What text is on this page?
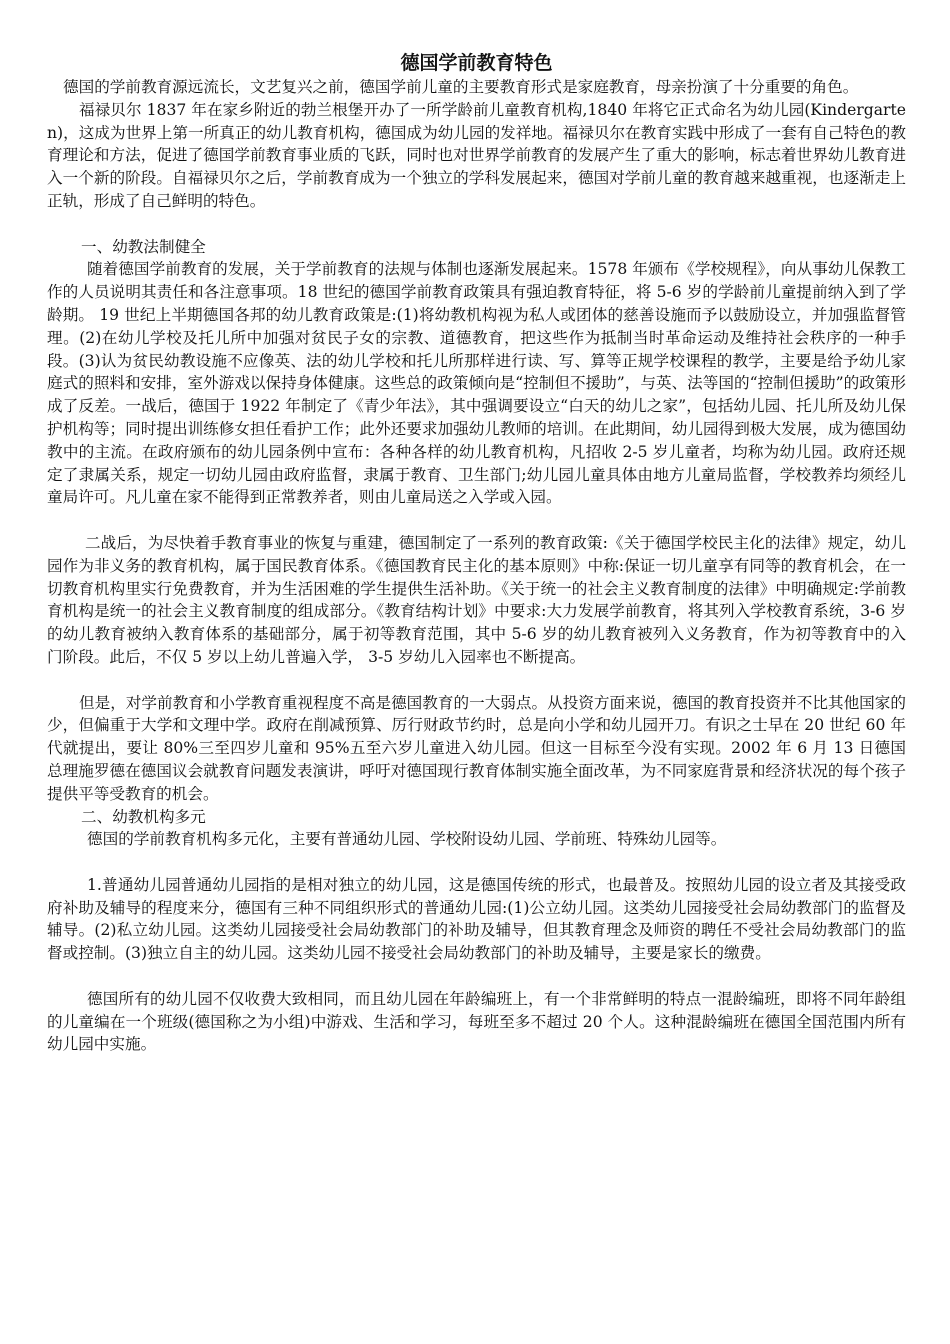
德国学前教育特色

德国的学前教育源远流长，文艺复兴之前，德国学前儿童的主要教育形式是家庭教育，母亲扮演了十分重要的角色。

福禄贝尔 1837 年在家乡附近的勃兰根堡开办了一所学龄前儿童教育机构,1840 年将它正式命名为幼儿园(Kindergarten)，这成为世界上第一所真正的幼儿教育机构，德国成为幼儿园的发祥地。福禄贝尔在教育实践中形成了一套有自己特色的教育理论和方法，促进了德国学前教育事业质的飞跃，同时也对世界学前教育的发展产生了重大的影响，标志着世界幼儿教育进入一个新的阶段。自福禄贝尔之后，学前教育成为一个独立的学科发展起来，德国对学前儿童的教育越来越重视，也逐渐走上正轨，形成了自己鲜明的特色。

一、幼教法制健全

随着德国学前教育的发展，关于学前教育的法规与体制也逐渐发展起来。1578 年颁布《学校规程》，向从事幼儿保教工作的人员说明其责任和各注意事项。18 世纪的德国学前教育政策具有强迫教育特征，将 5-6 岁的学龄前儿童提前纳入到了学龄期。 19 世纪上半期德国各邦的幼儿教育政策是:(1)将幼教机构视为私人或团体的慈善设施而予以鼓励设立，并加强监督管理。(2)在幼儿学校及托儿所中加强对贫民子女的宗教、道德教育，把这些作为抵制当时革命运动及维持社会秩序的一种手段。(3)认为贫民幼教设施不应像英、法的幼儿学校和托儿所那样进行读、写、算等正规学校课程的教学，主要是给予幼儿家庭式的照料和安排，室外游戏以保持身体健康。这些总的政策倾向是“控制但不援助”，与英、法等国的“控制但援助”的政策形成了反差。一战后，德国于 1922 年制定了《青少年法》，其中强调要设立“白天的幼儿之家”，包括幼儿园、托儿所及幼儿保护机构等；同时提出训练修女担任看护工作；此外还要求加强幼儿教师的培训。在此期间，幼儿园得到极大发展，成为德国幼教中的主流。在政府颁布的幼儿园条例中宣布：各种各样的幼儿教育机构，凡招收 2-5 岁儿童者，均称为幼儿园。政府还规定了隶属关系，规定一切幼儿园由政府监督，隶属于教育、卫生部门;幼儿园儿童具体由地方儿童局监督，学校教养均须经儿童局许可。凡儿童在家不能得到正常教养者，则由儿童局送之入学或入园。

二战后，为尽快着手教育事业的恢复与重建，德国制定了一系列的教育政策:《关于德国学校民主化的法律》规定，幼儿园作为非义务的教育机构，属于国民教育体系。《德国教育民主化的基本原则》中称:保证一切儿童享有同等的教育机会，在一切教育机构里实行免费教育，并为生活困难的学生提供生活补助。《关于统一的社会主义教育制度的法律》中明确规定:学前教育机构是统一的社会主义教育制度的组成部分。《教育结构计划》中要求:大力发展学前教育，将其列入学校教育系统，3-6 岁的幼儿教育被纳入教育体系的基础部分，属于初等教育范围，其中 5-6 岁的幼儿教育被列入义务教育，作为初等教育中的入门阶段。此后，不仅 5 岁以上幼儿普遍入学， 3-5 岁幼儿入园率也不断提高。

但是，对学前教育和小学教育重视程度不高是德国教育的一大弱点。从投资方面来说，德国的教育投资并不比其他国家的少，但偏重于大学和文理中学。政府在削减预算、厉行财政节约时，总是向小学和幼儿园开刀。有识之士早在 20 世纪 60 年代就提出，要让 80%三至四岁儿童和 95%五至六岁儿童进入幼儿园。但这一目标至今没有实现。2002 年 6 月 13 日德国总理施罗德在德国议会就教育问题发表演讲，呼吁对德国现行教育体制实施全面改革，为不同家庭背景和经济状况的每个孩子提供平等受教育的机会。

二、幼教机构多元

德国的学前教育机构多元化，主要有普通幼儿园、学校附设幼儿园、学前班、特殊幼儿园等。

1.普通幼儿园普通幼儿园指的是相对独立的幼儿园，这是德国传统的形式，也最普及。按照幼儿园的设立者及其接受政府补助及辅导的程度来分，德国有三种不同组织形式的普通幼儿园:(1)公立幼儿园。这类幼儿园接受社会局幼教部门的监督及辅导。(2)私立幼儿园。这类幼儿园接受社会局幼教部门的补助及辅导，但其教育理念及师资的聘任不受社会局幼教部门的监督或控制。(3)独立自主的幼儿园。这类幼儿园不接受社会局幼教部门的补助及辅导，主要是家长的缴费。

德国所有的幼儿园不仅收费大致相同，而且幼儿园在年龄编班上，有一个非常鲜明的特点一混龄编班，即将不同年龄组的儿童编在一个班级(德国称之为小组)中游戏、生活和学习，每班至多不超过 20 个人。这种混龄编班在德国全国范围内所有幼儿园中实施。
